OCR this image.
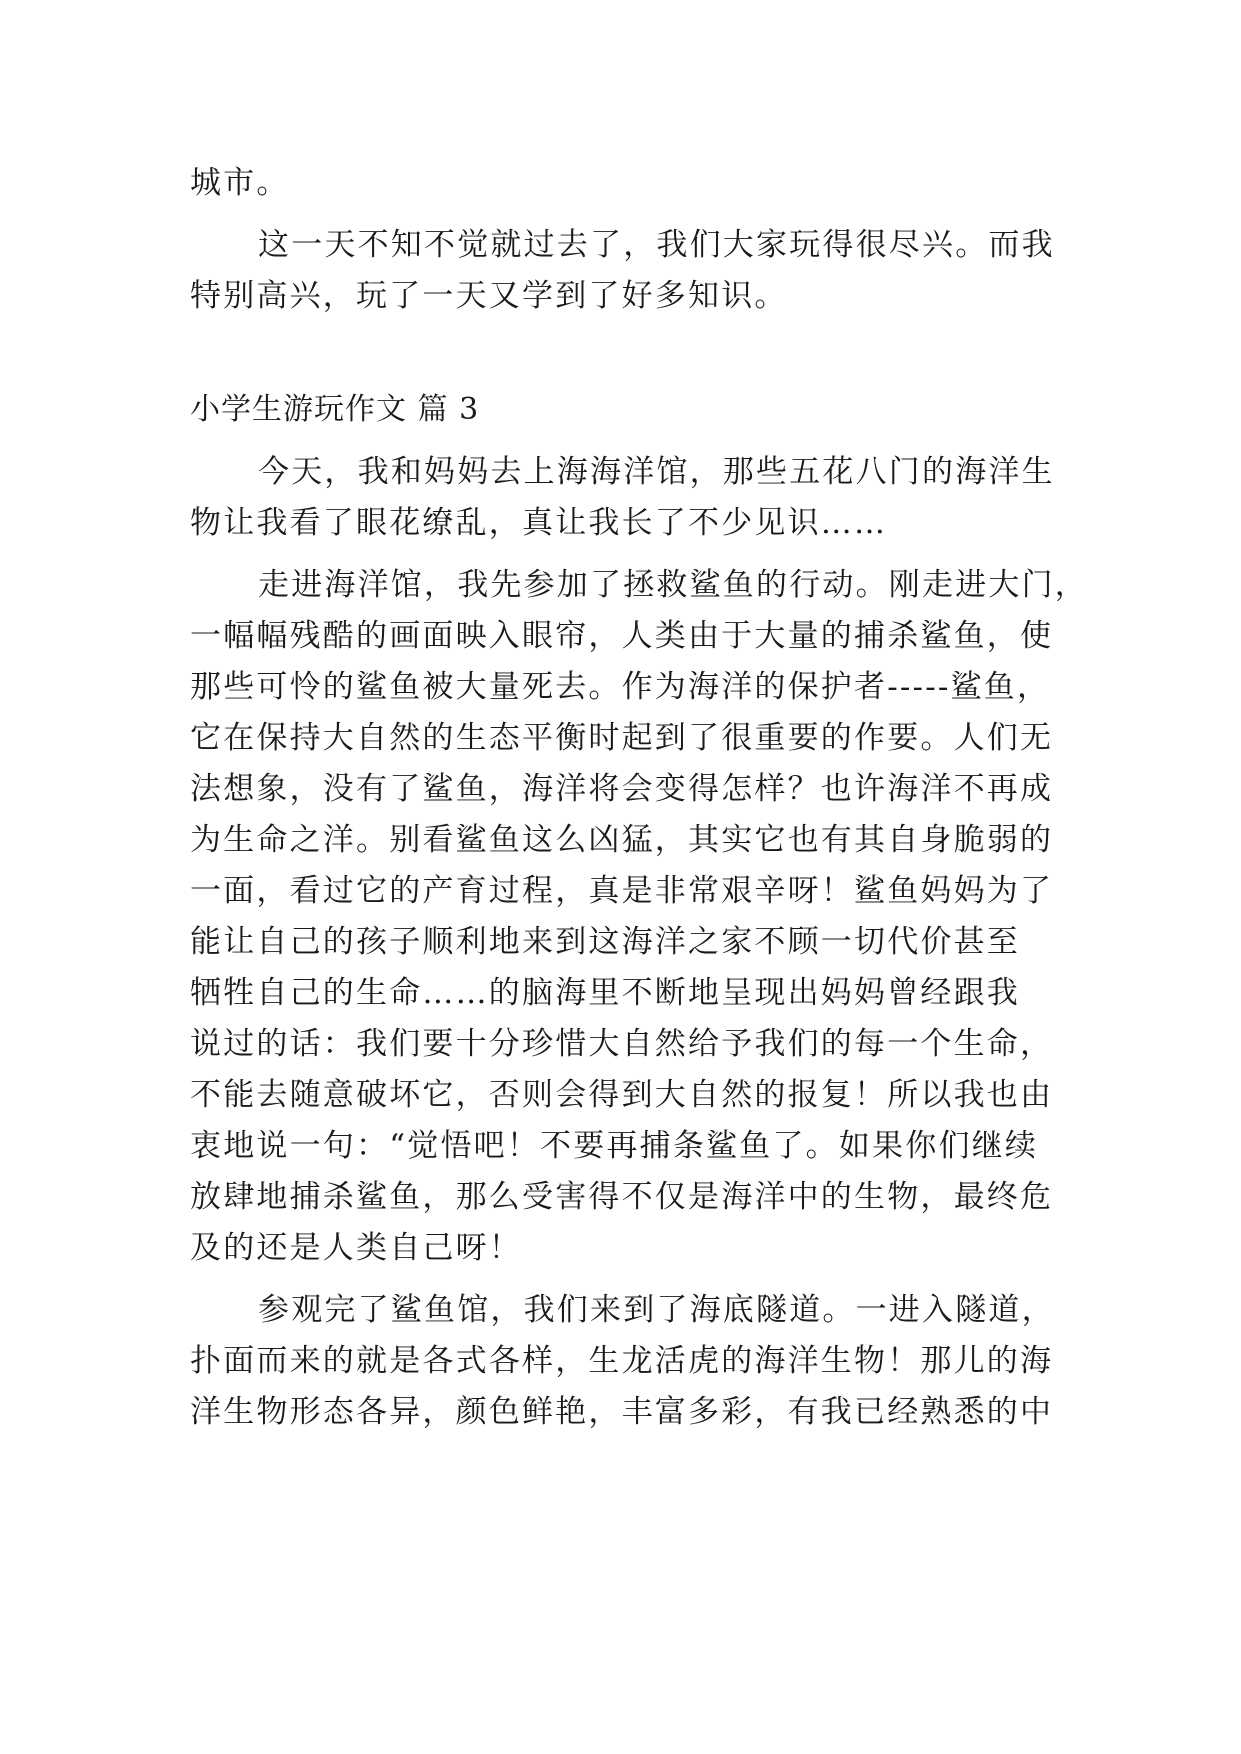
城市。

这一天不知不觉就过去了，我们大家玩得很尽兴。而我

特别高兴，玩了一天又学到了好多知识。

小学生游玩作文 篇 3

今天，我和妈妈去上海海洋馆，那些五花八门的海洋生

物让我看了眼花缭乱，真让我长了不少见识……

走进海洋馆，我先参加了拯救鲨鱼的行动。刚走进大门，

一幅幅残酷的画面映入眼帘，人类由于大量的捕杀鲨鱼，使

那些可怜的鲨鱼被大量死去。作为海洋的保护者-----鲨鱼，

它在保持大自然的生态平衡时起到了很重要的作要。人们无

法想象，没有了鲨鱼，海洋将会变得怎样？也许海洋不再成

为生命之洋。别看鲨鱼这么凶猛，其实它也有其自身脆弱的

一面，看过它的产育过程，真是非常艰辛呀！鲨鱼妈妈为了

能让自己的孩子顺利地来到这海洋之家不顾一切代价甚至

牺牲自己的生命……的脑海里不断地呈现出妈妈曾经跟我

说过的话：我们要十分珍惜大自然给予我们的每一个生命，

不能去随意破坏它，否则会得到大自然的报复！所以我也由

衷地说一句：“觉悟吧！不要再捕条鲨鱼了。如果你们继续

放肆地捕杀鲨鱼，那么受害得不仅是海洋中的生物，最终危

及的还是人类自己呀！

参观完了鲨鱼馆，我们来到了海底隧道。一进入隧道，

扑面而来的就是各式各样，生龙活虎的海洋生物！那儿的海

洋生物形态各异，颜色鲜艳，丰富多彩，有我已经熟悉的中
